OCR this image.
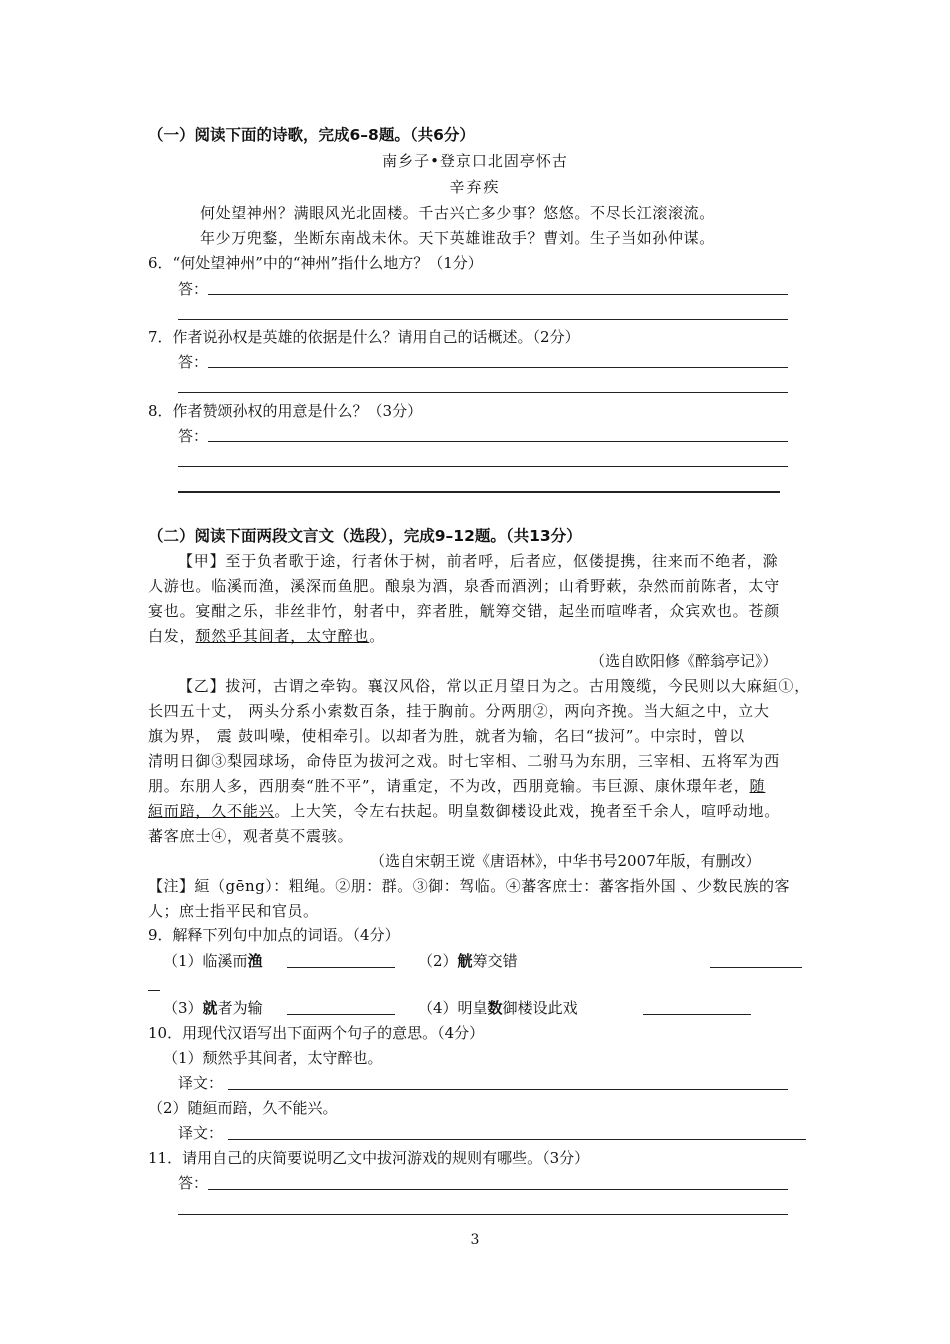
（一）阅读下面的诗歌，完成6–8题。（共6分）
南乡子•登京口北固亭怀古
辛弃疾
何处望神州？满眼风光北固楼。千古兴亡多少事？悠悠。不尽长江滚滚流。
年少万兜鍪，坐断东南战未休。天下英雄谁敌手？曹刘。生子当如孙仲谋。
6．“何处望神州”中的“神州”指什么地方？（1分）
答：
7．作者说孙权是英雄的依据是什么？请用自己的话概述。（2分）
答：
8．作者赞颂孙权的用意是什么？（3分）
答：
（二）阅读下面两段文言文（选段），完成9–12题。（共13分）
【甲】至于负者歌于途，行者休于树，前者呼，后者应，伛偻提携，往来而不绝者，滁
人游也。临溪而渔，溪深而鱼肥。酿泉为酒，泉香而酒洌；山肴野蔌，杂然而前陈者，太守
宴也。宴酣之乐，非丝非竹，射者中，弈者胜，觥筹交错，起坐而喧哗者，众宾欢也。苍颜
白发，颓然乎其间者，太守醉也。
（选自欧阳修《醉翁亭记》）
【乙】拔河，古谓之牵钩。襄汉风俗，常以正月望日为之。古用篾缆，今民则以大麻絙①，
长四五十丈， 两头分系小索数百条，挂于胸前。分两朋②，两向齐挽。当大絙之中，立大
旗为界， 震 鼓叫噪，使相牵引。以却者为胜，就者为输，名曰“拔河”。中宗时，曾以
清明日御③梨园球场，命侍臣为拔河之戏。时七宰相、二驸马为东朋，三宰相、五将军为西
朋。东朋人多，西朋奏“胜不平”，请重定，不为改，西朋竟输。韦巨源、康休璟年老，随
絙而踣，久不能兴。上大笑，令左右扶起。明皇数御楼设此戏，挽者至千余人，喧呼动地。
蕃客庶士④，观者莫不震骇。
（选自宋朝王谠《唐语林》，中华书号2007年版，有删改）
【注】絙（gēng）：粗绳。②朋：群。③御：驾临。④蕃客庶士：蕃客指外国 、少数民族的客
人；庶士指平民和官员。
9．解释下列句中加点的词语。（4分）
（1）临溪而渔	（2）觥筹交错
（3）就者为输	（4）明皇数御楼设此戏
10．用现代汉语写出下面两个句子的意思。（4分）
（1）颓然乎其间者，太守醉也。
译文：
（2）随絙而踣，久不能兴。
译文：
11．请用自己的庆简要说明乙文中拔河游戏的规则有哪些。（3分）
答：
3
